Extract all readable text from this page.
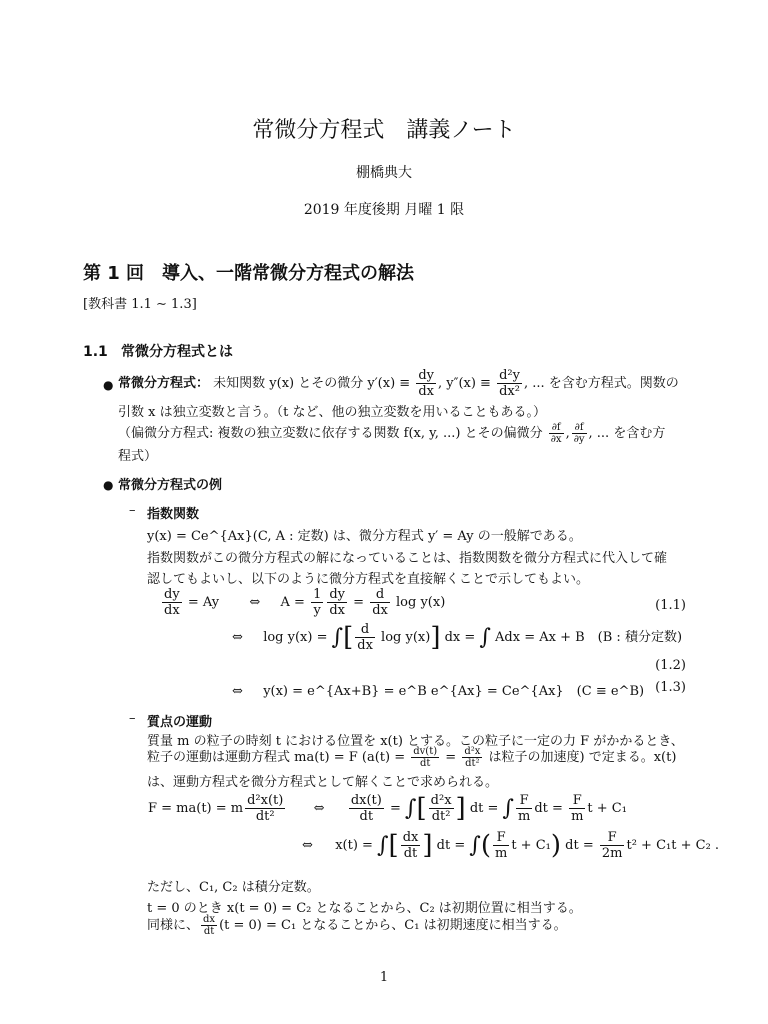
常微分方程式　講義ノート
棚橋典大
2019 年度後期 月曜 1 限
第 1 回　導入、一階常微分方程式の解法
[教科書 1.1 ∼ 1.3]
1.1 常微分方程式とは
● 常微分方程式： 未知関数 y(x) とその微分 $y'(x) \equiv \frac{dy}{dx}$ , $y''(x) \equiv \frac{\text{d²y}}{\text{dx²}}$ , ... を含む方程式。関数の
引数 x は独立変数と言う。（t など、他の独立変数を用いることもある。）
（偏微分方程式: 複数の独立変数に依存する関数 f(x, y, ...) とその偏微分 $\frac{\partial f}{\partial x}$ , $\frac{\partial f}{\partial y}$ , ... を含む方
程式）
● 常微分方程式の例
– 指数関数
y(x) = Ce^{Ax}(C, A : 定数) は、微分方程式 y′ = Ay の一般解である。
指数関数がこの微分方程式の解になっていることは、指数関数を微分方程式に代入して確
認してもよいし、以下のように微分方程式を直接解くことで示してもよい。
$\frac{dy}{dx} = Ay$ ⇔ $A = \frac{1}{y} \frac{dy}{dx} = \frac{d}{dx}$ log y(x)	(1.1)
⇔ log y(x) = ∫[ $\frac{d}{dx}$ log y(x)] dx = ∫ Adx = Ax + B　(B : 積分定数)
(1.2)
⇔ y(x) = e^{Ax+B} = e^B e^{Ax} = Ce^{Ax}　(C ≡ e^B) (1.3)
– 質点の運動
質量 m の粒子の時刻 t における位置を x(t) とする。この粒子に一定の力 F がかかるとき、
粒子の運動は運動方程式 ma(t) = F ($a(t) = \frac{dv(t)}{dt} = \frac{\text{d²x}}{\text{dt²}}$ は粒子の加速度) で定まる。x(t)
は、運動方程式を微分方程式として解くことで求められる。
F = ma(t) = m $\frac{\text{d²x(t)}}{\text{dt²}}$ ⇔ $\frac{dx(t)}{dt}$ = ∫[ $\frac{\text{d²x}}{\text{dt²}}$ ] dt = ∫ $\frac{F}{m}$ dt = $\frac{F}{m}$ t + C₁
⇔ x(t) = ∫[ $\frac{dx}{dt}$ ] dt = ∫( $\frac{F}{m}$ t + C₁) dt = $\frac{F}{2m} t^2 + C_1t + C_2$ .
ただし、C₁, C₂ は積分定数。
t = 0 のとき x(t = 0) = C₂ となることから、C₂ は初期位置に相当する。
同様に、 $\frac{dx}{dt} (t = 0) = C_1$ となることから、C₁ は初期速度に相当する。
1
